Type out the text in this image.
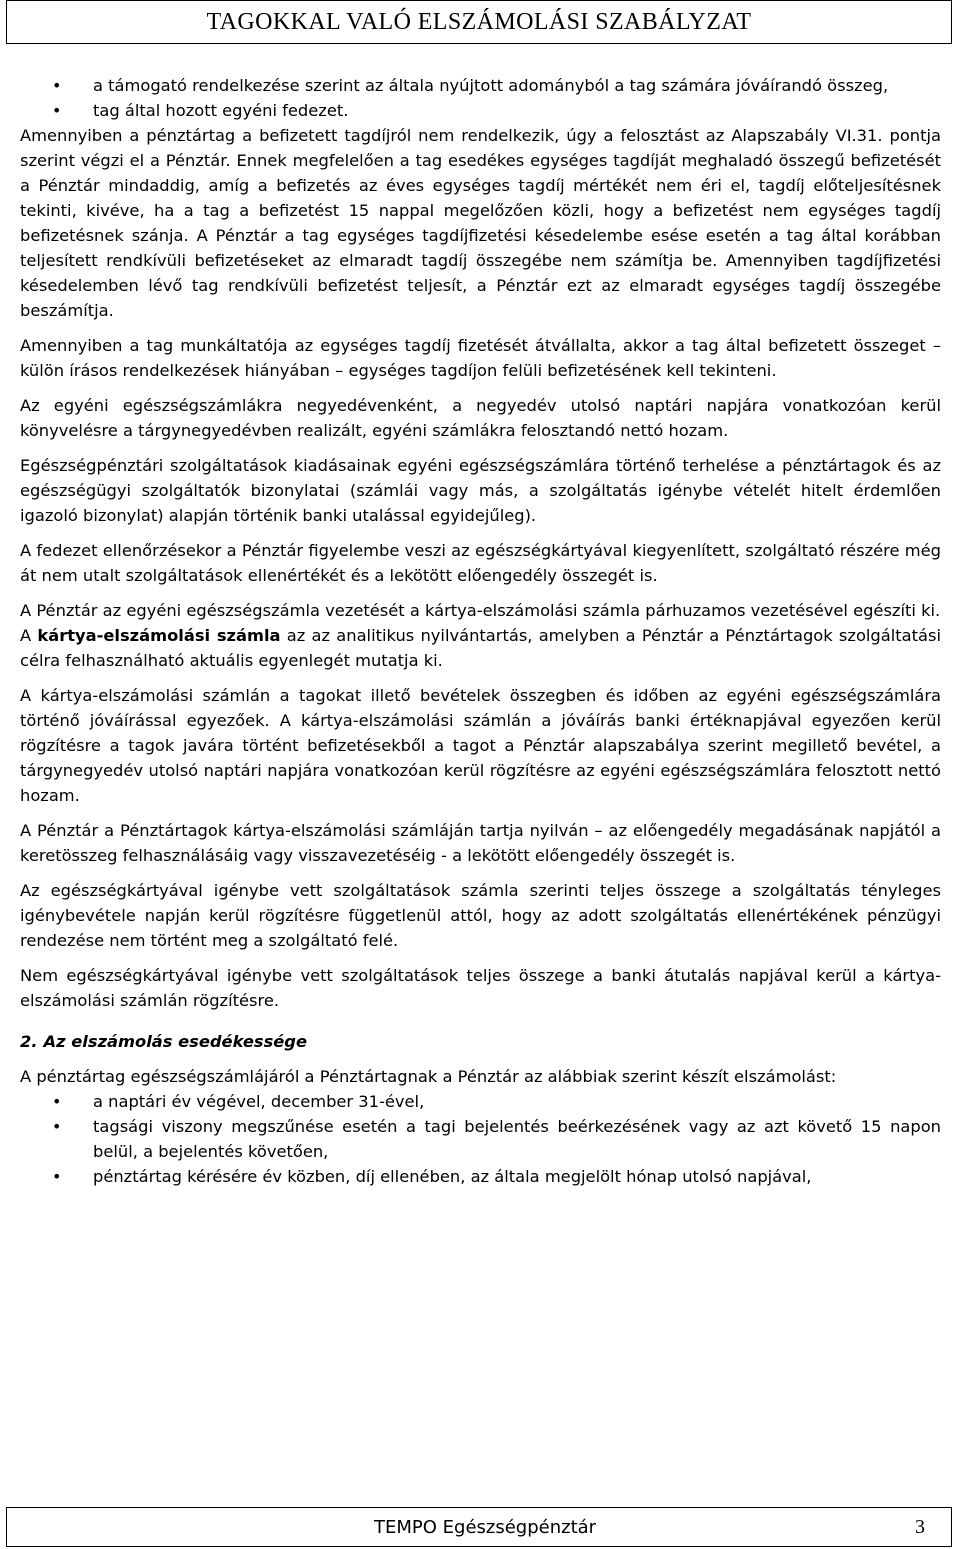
TAGOKKAL VALÓ ELSZÁMOLÁSI SZABÁLYZAT
• a támogató rendelkezése szerint az általa nyújtott adományból a tag számára jóváírandó összeg,
• tag által hozott egyéni fedezet.

Amennyiben a pénztártag a befizetett tagdíjról nem rendelkezik, úgy a felosztást az Alapszabály VI.31. pontja szerint végzi el a Pénztár. Ennek megfelelően a tag esedékes egységes tagdíját meghaladó összegű befizetését a Pénztár mindaddig, amíg a befizetés az éves egységes tagdíj mértékét nem éri el, tagdíj előteljesítésnek tekinti, kivéve, ha a tag a befizetést 15 nappal megelőzően közli, hogy a befizetést nem egységes tagdíj befizetésnek szánja. A Pénztár a tag egységes tagdíjfizetési késedelembe esése esetén a tag által korábban teljesített rendkívüli befizetéseket az elmaradt tagdíj összegébe nem számítja be. Amennyiben tagdíjfizetési késedelemben lévő tag rendkívüli befizetést teljesít, a Pénztár ezt az elmaradt egységes tagdíj összegébe beszámítja.

Amennyiben a tag munkáltatója az egységes tagdíj fizetését átvállalta, akkor a tag által befizetett összeget – külön írásos rendelkezések hiányában – egységes tagdíjon felüli befizetésének kell tekinteni.

Az egyéni egészségszámlákra negyedévenként, a negyedév utolsó naptári napjára vonatkozóan kerül könyvelésre a tárgynegyedévben realizált, egyéni számlákra felosztandó nettó hozam.

Egészségpénztári szolgáltatások kiadásainak egyéni egészségszámlára történő terhelése a pénztártagok és az egészségügyi szolgáltatók bizonylatai (számlái vagy más, a szolgáltatás igénybe vételét hitelt érdemlően igazoló bizonylat) alapján történik banki utalással egyidejűleg).

A fedezet ellenőrzésekor a Pénztár figyelembe veszi az egészségkártyával kiegyenlített, szolgáltató részére még át nem utalt szolgáltatások ellenértékét és a lekötött előengedély összegét is.

A Pénztár az egyéni egészségszámla vezetését a kártya-elszámolási számla párhuzamos vezetésével egészíti ki.

A kártya-elszámolási számla az az analitikus nyilvántartás, amelyben a Pénztár a Pénztártagok szolgáltatási célra felhasználható aktuális egyenlegét mutatja ki.

A kártya-elszámolási számlán a tagokat illető bevételek összegben és időben az egyéni egészségszámlára történő jóváírással egyezőek. A kártya-elszámolási számlán a jóváírás banki értéknapjával egyezően kerül rögzítésre a tagok javára történt befizetésekből a tagot a Pénztár alapszabálya szerint megillető bevétel, a tárgynegyedév utolsó naptári napjára vonatkozóan kerül rögzítésre az egyéni egészségszámlára felosztott nettó hozam.

A Pénztár a Pénztártagok kártya-elszámolási számláján tartja nyilván – az előengedély megadásának napjától a keretösszeg felhasználásáig vagy visszavezetéséig - a lekötött előengedély összegét is.

Az egészségkártyával igénybe vett szolgáltatások számla szerinti teljes összege a szolgáltatás tényleges igénybevétele napján kerül rögzítésre függetlenül attól, hogy az adott szolgáltatás ellenértékének pénzügyi rendezése nem történt meg a szolgáltató felé.

Nem egészségkártyával igénybe vett szolgáltatások teljes összege a banki átutalás napjával kerül a kártya-elszámolási számlán rögzítésre.

2. Az elszámolás esedékessége

A pénztártag egészségszámlájáról a Pénztártagnak a Pénztár az alábbiak szerint készít elszámolást:

• a naptári év végével, december 31-ével,
• tagsági viszony megszűnése esetén a tagi bejelentés beérkezésének vagy az azt követő 15 napon belül, a bejelentés követően,
• pénztártag kérésére év közben, díj ellenében, az általa megjelölt hónap utolsó napjával,
TEMPO Egészségpénztár	3
